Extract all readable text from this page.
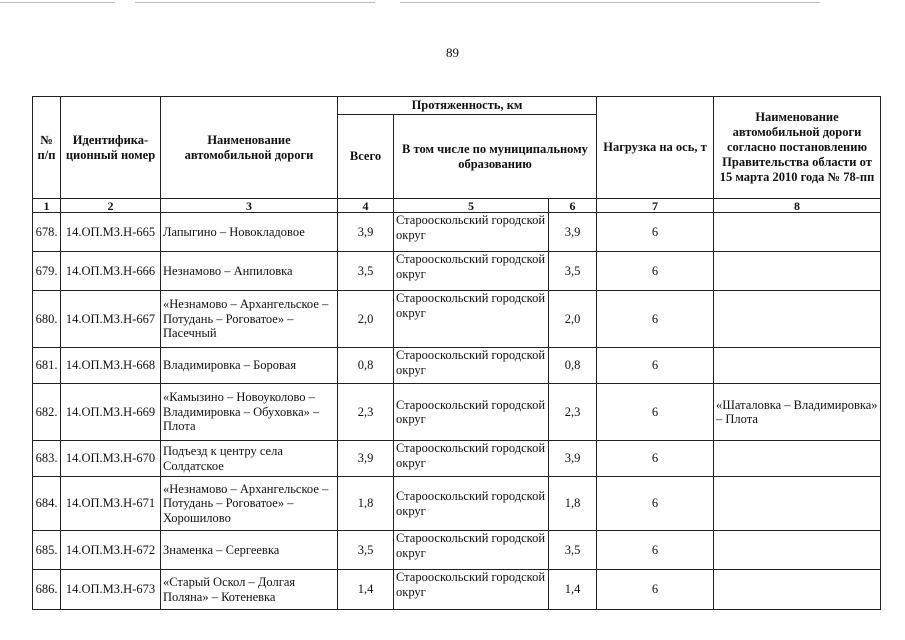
89
№ п/п	Идентифика-ционный номер	Наименование автомобильной дороги	Протяженность, км			Нагрузка на ось, т	Наименование автомобильной дороги согласно постановлению Правительства области от 15 марта 2010 года № 78-пп
			Всего	В том числе по муниципальному образованию			
1	2	3	4	5	6	7	8
678.	14.ОП.МЗ.Н-665	Лапыгино – Новокладовое	3,9	Старооскольский городской округ	3,9	6	
679.	14.ОП.МЗ.Н-666	Незнамово – Анпиловка	3,5	Старооскольский городской округ	3,5	6	
680.	14.ОП.МЗ.Н-667	«Незнамово – Архангельское – Потудань – Роговатое» – Пасечный	2,0	Старооскольский городской округ	2,0	6	
681.	14.ОП.МЗ.Н-668	Владимировка – Боровая	0,8	Старооскольский городской округ	0,8	6	
682.	14.ОП.МЗ.Н-669	«Камызино – Новоуколово – Владимировка – Обуховка» – Плота	2,3	Старооскольский городской округ	2,3	6	«Шаталовка – Владимировка» – Плота
683.	14.ОП.МЗ.Н-670	Подъезд к центру села Солдатское	3,9	Старооскольский городской округ	3,9	6	
684.	14.ОП.МЗ.Н-671	«Незнамово – Архангельское – Потудань – Роговатое» – Хорошилово	1,8	Старооскольский городской округ	1,8	6	
685.	14.ОП.МЗ.Н-672	Знаменка – Сергеевка	3,5	Старооскольский городской округ	3,5	6	
686.	14.ОП.МЗ.Н-673	«Старый Оскол – Долгая Поляна» – Котеневка	1,4	Старооскольский городской округ	1,4	6	
